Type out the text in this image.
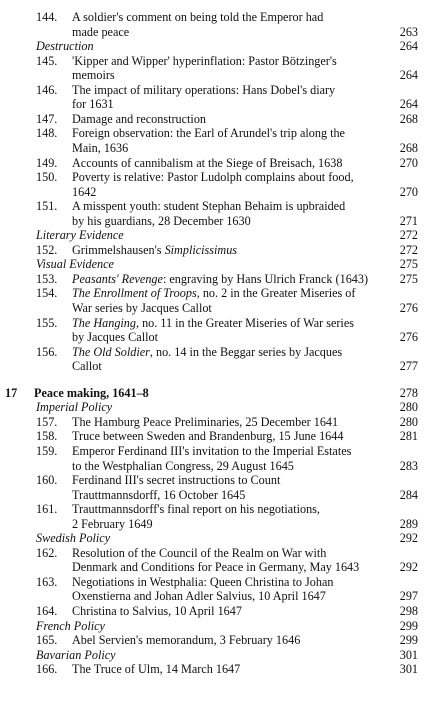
144.	A soldier's comment on being told the Emperor had
made peace	263
Destruction	264
145.	'Kipper and Wipper' hyperinflation: Pastor Bötzinger's
memoirs	264
146.	The impact of military operations: Hans Dobel's diary
for 1631	264
147.	Damage and reconstruction	268
148.	Foreign observation: the Earl of Arundel's trip along the
Main, 1636	268
149.	Accounts of cannibalism at the Siege of Breisach, 1638	270
150.	Poverty is relative: Pastor Ludolph complains about food,
1642	270
151.	A misspent youth: student Stephan Behaim is upbraided
by his guardians, 28 December 1630	271
Literary Evidence	272
152.	Grimmelshausen's Simplicissimus	272
Visual Evidence	275
153.	Peasants' Revenge: engraving by Hans Ulrich Franck (1643)	275
154.	The Enrollment of Troops, no. 2 in the Greater Miseries of
War series by Jacques Callot	276
155.	The Hanging, no. 11 in the Greater Miseries of War series
by Jacques Callot	276
156.	The Old Soldier, no. 14 in the Beggar series by Jacques
Callot	277
17	Peace making, 1641–8	278
Imperial Policy	280
157.	The Hamburg Peace Preliminaries, 25 December 1641	280
158.	Truce between Sweden and Brandenburg, 15 June 1644	281
159.	Emperor Ferdinand III's invitation to the Imperial Estates
to the Westphalian Congress, 29 August 1645	283
160.	Ferdinand III's secret instructions to Count
Trauttmannsdorff, 16 October 1645	284
161.	Trauttmannsdorff's final report on his negotiations,
2 February 1649	289
Swedish Policy	292
162.	Resolution of the Council of the Realm on War with
Denmark and Conditions for Peace in Germany, May 1643	292
163.	Negotiations in Westphalia: Queen Christina to Johan
Oxenstierna and Johan Adler Salvius, 10 April 1647	297
164.	Christina to Salvius, 10 April 1647	298
French Policy	299
165.	Abel Servien's memorandum, 3 February 1646	299
Bavarian Policy	301
166.	The Truce of Ulm, 14 March 1647	301
